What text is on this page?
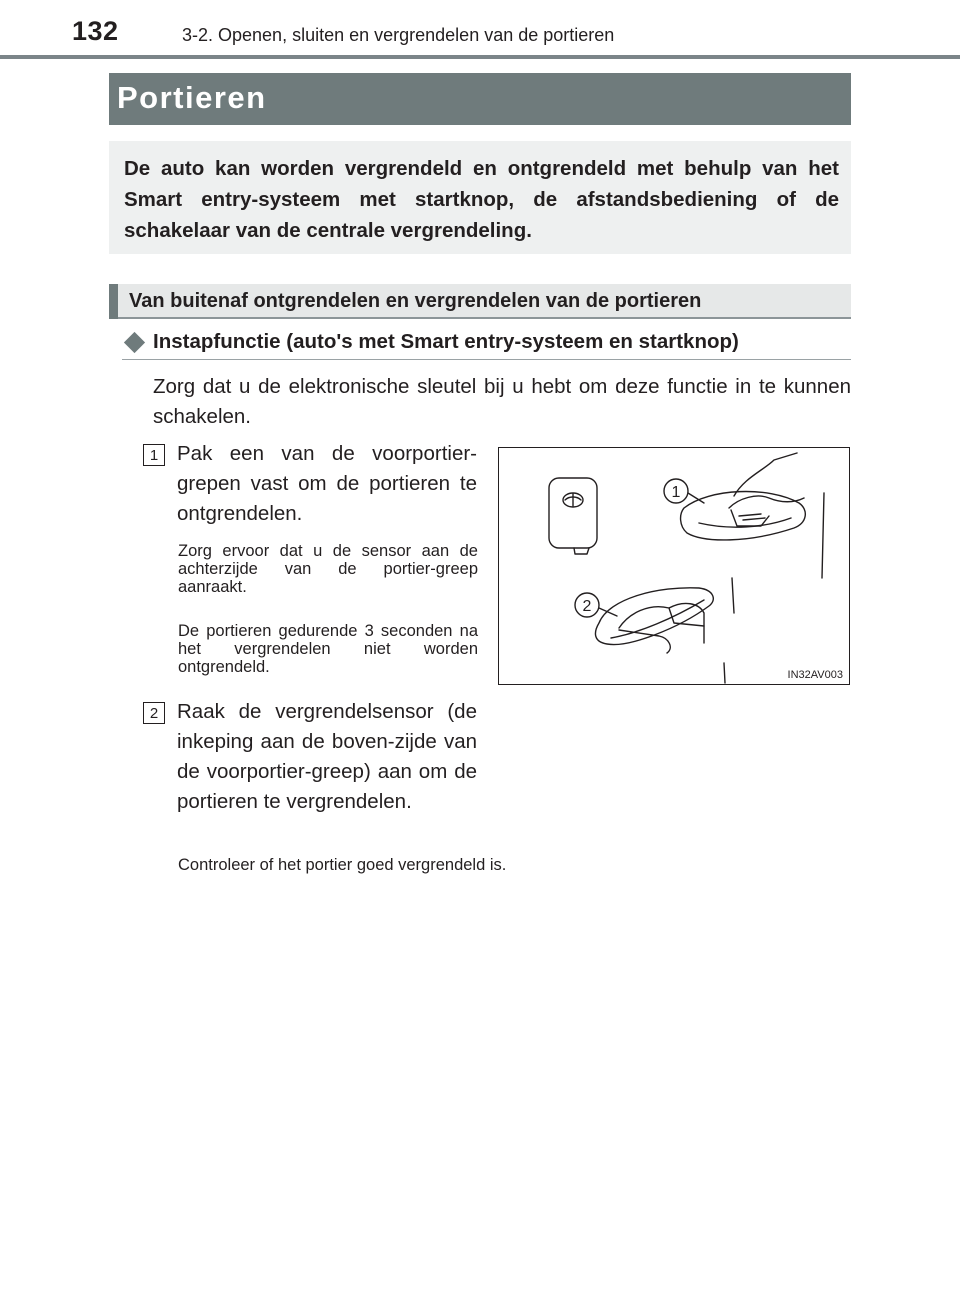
132	3-2. Openen, sluiten en vergrendelen van de portieren
Portieren
De auto kan worden vergrendeld en ontgrendeld met behulp van het Smart entry-systeem met startknop, de afstandsbediening of de schakelaar van de centrale vergrendeling.
Van buitenaf ontgrendelen en vergrendelen van de portieren
Instapfunctie (auto's met Smart entry-systeem en startknop)
Zorg dat u de elektronische sleutel bij u hebt om deze functie in te kunnen schakelen.
1 Pak een van de voorportier-grepen vast om de portieren te ontgrendelen.
Zorg ervoor dat u de sensor aan de achterzijde van de portier-greep aanraakt.
De portieren gedurende 3 seconden na het vergrendelen niet worden ontgrendeld.
2 Raak de vergrendelsensor (de inkeping aan de boven-zijde van de voorportier-greep) aan om de portieren te vergrendelen.
Controleer of het portier goed vergrendeld is.
1
2
IN32AV003
